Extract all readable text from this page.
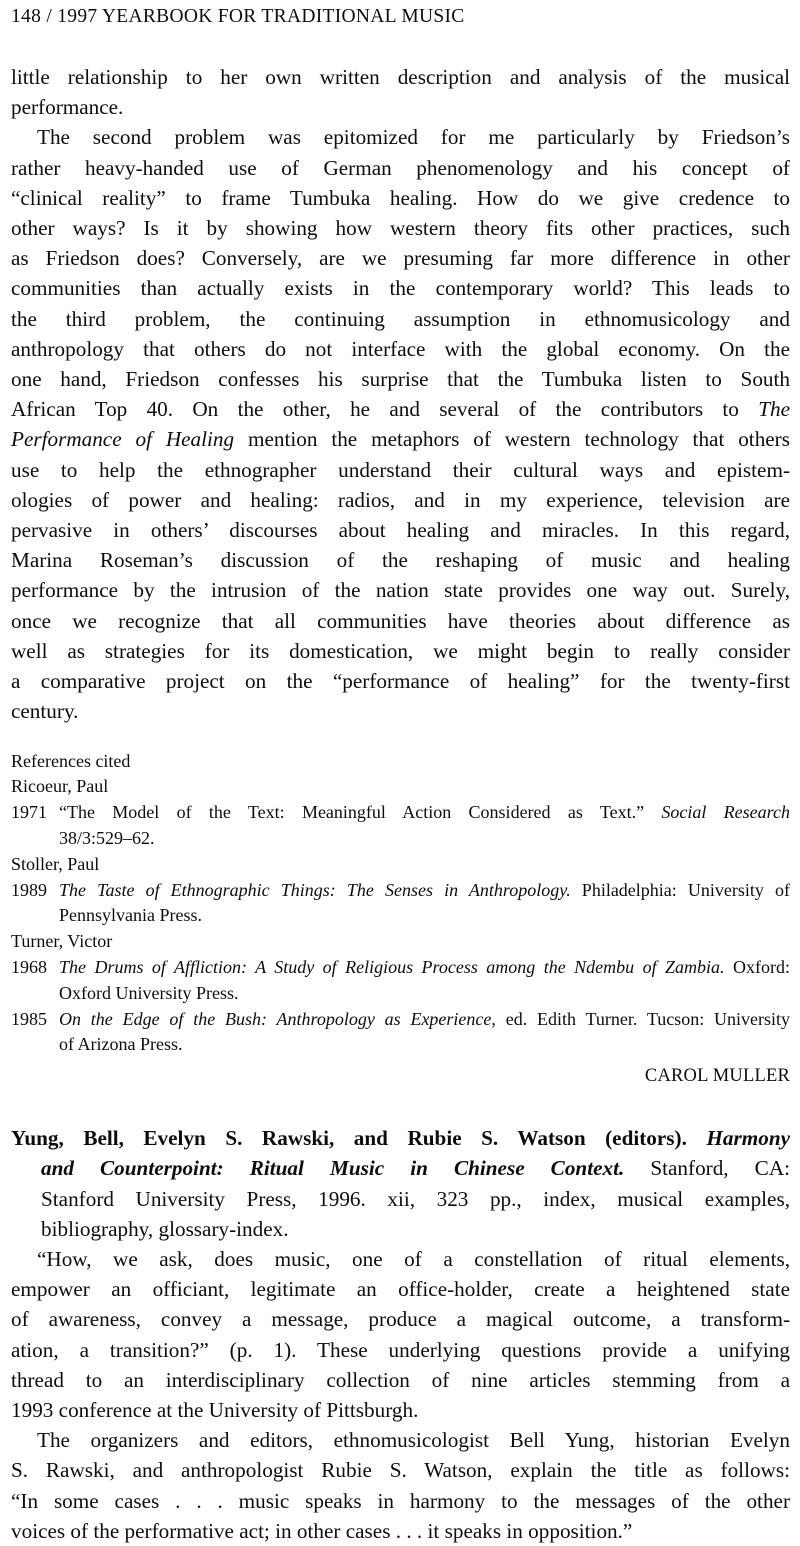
148 / 1997 YEARBOOK FOR TRADITIONAL MUSIC

little relationship to her own written description and analysis of the musical
performance.

The second problem was epitomized for me particularly by Friedson’s
rather heavy-handed use of German phenomenology and his concept of
“clinical reality” to frame Tumbuka healing. How do we give credence to
other ways? Is it by showing how western theory fits other practices, such
as Friedson does? Conversely, are we presuming far more difference in other
communities than actually exists in the contemporary world? This leads to
the third problem, the continuing assumption in ethnomusicology and
anthropology that others do not interface with the global economy. On the
one hand, Friedson confesses his surprise that the Tumbuka listen to South
African Top 40. On the other, he and several of the contributors to The
Performance of Healing mention the metaphors of western technology that others
use to help the ethnographer understand their cultural ways and epistem-
ologies of power and healing: radios, and in my experience, television are
pervasive in others’ discourses about healing and miracles. In this regard,
Marina Roseman’s discussion of the reshaping of music and healing
performance by the intrusion of the nation state provides one way out. Surely,
once we recognize that all communities have theories about difference as
well as strategies for its domestication, we might begin to really consider
a comparative project on the “performance of healing” for the twenty-first
century.

References cited

Ricoeur, Paul

1971 “The Model of the Text: Meaningful Action Considered as Text.” Social Research
38/3:529–62.

Stoller, Paul

1989 The Taste of Ethnographic Things: The Senses in Anthropology. Philadelphia: University of
Pennsylvania Press.

Turner, Victor

1968 The Drums of Affliction: A Study of Religious Process among the Ndembu of Zambia. Oxford:
Oxford University Press.
1985 On the Edge of the Bush: Anthropology as Experience, ed. Edith Turner. Tucson: University
of Arizona Press.

CAROL MULLER

Yung, Bell, Evelyn S. Rawski, and Rubie S. Watson (editors). Harmony
and Counterpoint: Ritual Music in Chinese Context. Stanford, CA:
Stanford University Press, 1996. xii, 323 pp., index, musical examples,
bibliography, glossary-index.

“How, we ask, does music, one of a constellation of ritual elements,
empower an officiant, legitimate an office-holder, create a heightened state
of awareness, convey a message, produce a magical outcome, a transform-
ation, a transition?” (p. 1). These underlying questions provide a unifying
thread to an interdisciplinary collection of nine articles stemming from a
1993 conference at the University of Pittsburgh.

The organizers and editors, ethnomusicologist Bell Yung, historian Evelyn
S. Rawski, and anthropologist Rubie S. Watson, explain the title as follows:
“In some cases . . . music speaks in harmony to the messages of the other
voices of the performative act; in other cases . . . it speaks in opposition.”
